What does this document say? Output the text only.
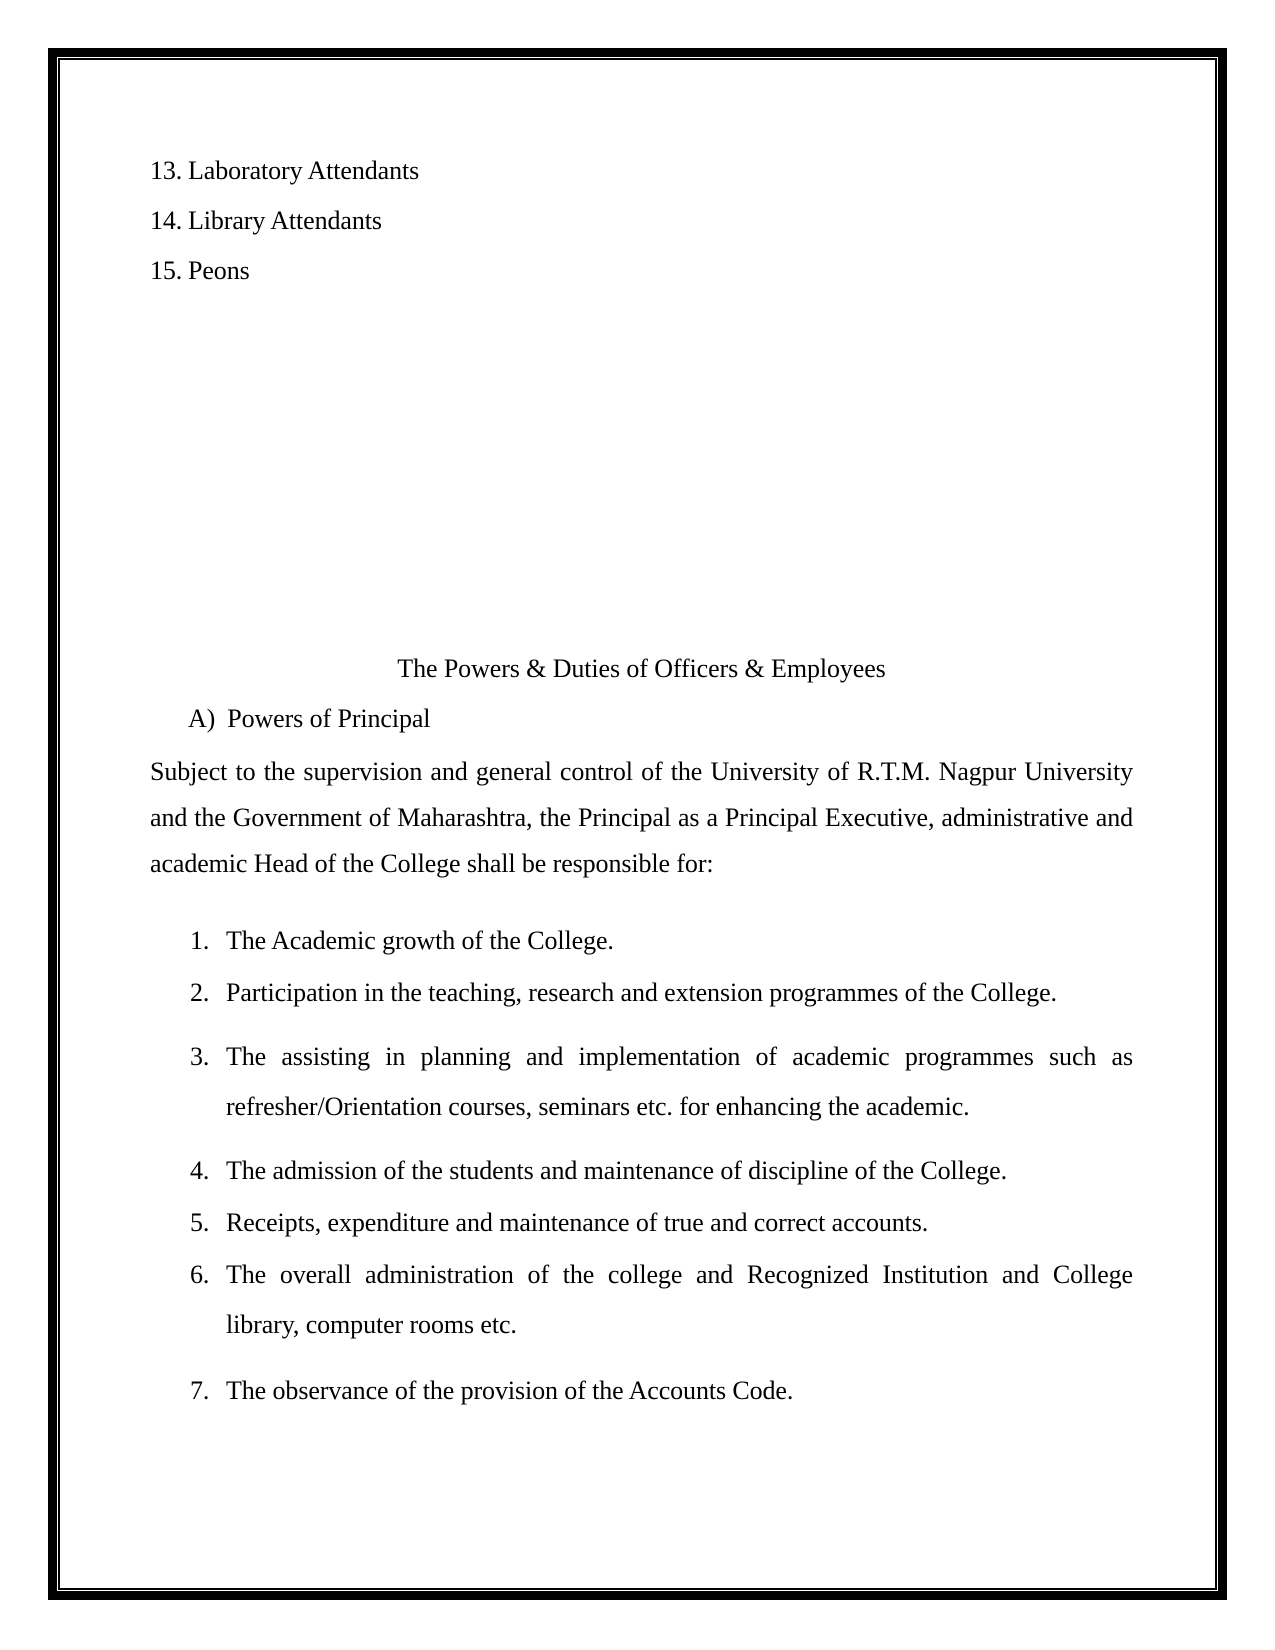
13. Laboratory Attendants
14. Library Attendants
15. Peons
The Powers & Duties of Officers & Employees
A) Powers of Principal

Subject to the supervision and general control of the University of R.T.M. Nagpur University and the Government of Maharashtra, the Principal as a Principal Executive, administrative and academic Head of the College shall be responsible for:

1. The Academic growth of the College.
2. Participation in the teaching, research and extension programmes of the College.
3. The assisting in planning and implementation of academic programmes such as refresher/Orientation courses, seminars etc. for enhancing the academic.
4. The admission of the students and maintenance of discipline of the College.
5. Receipts, expenditure and maintenance of true and correct accounts.
6. The overall administration of the college and Recognized Institution and College library, computer rooms etc.
7. The observance of the provision of the Accounts Code.
